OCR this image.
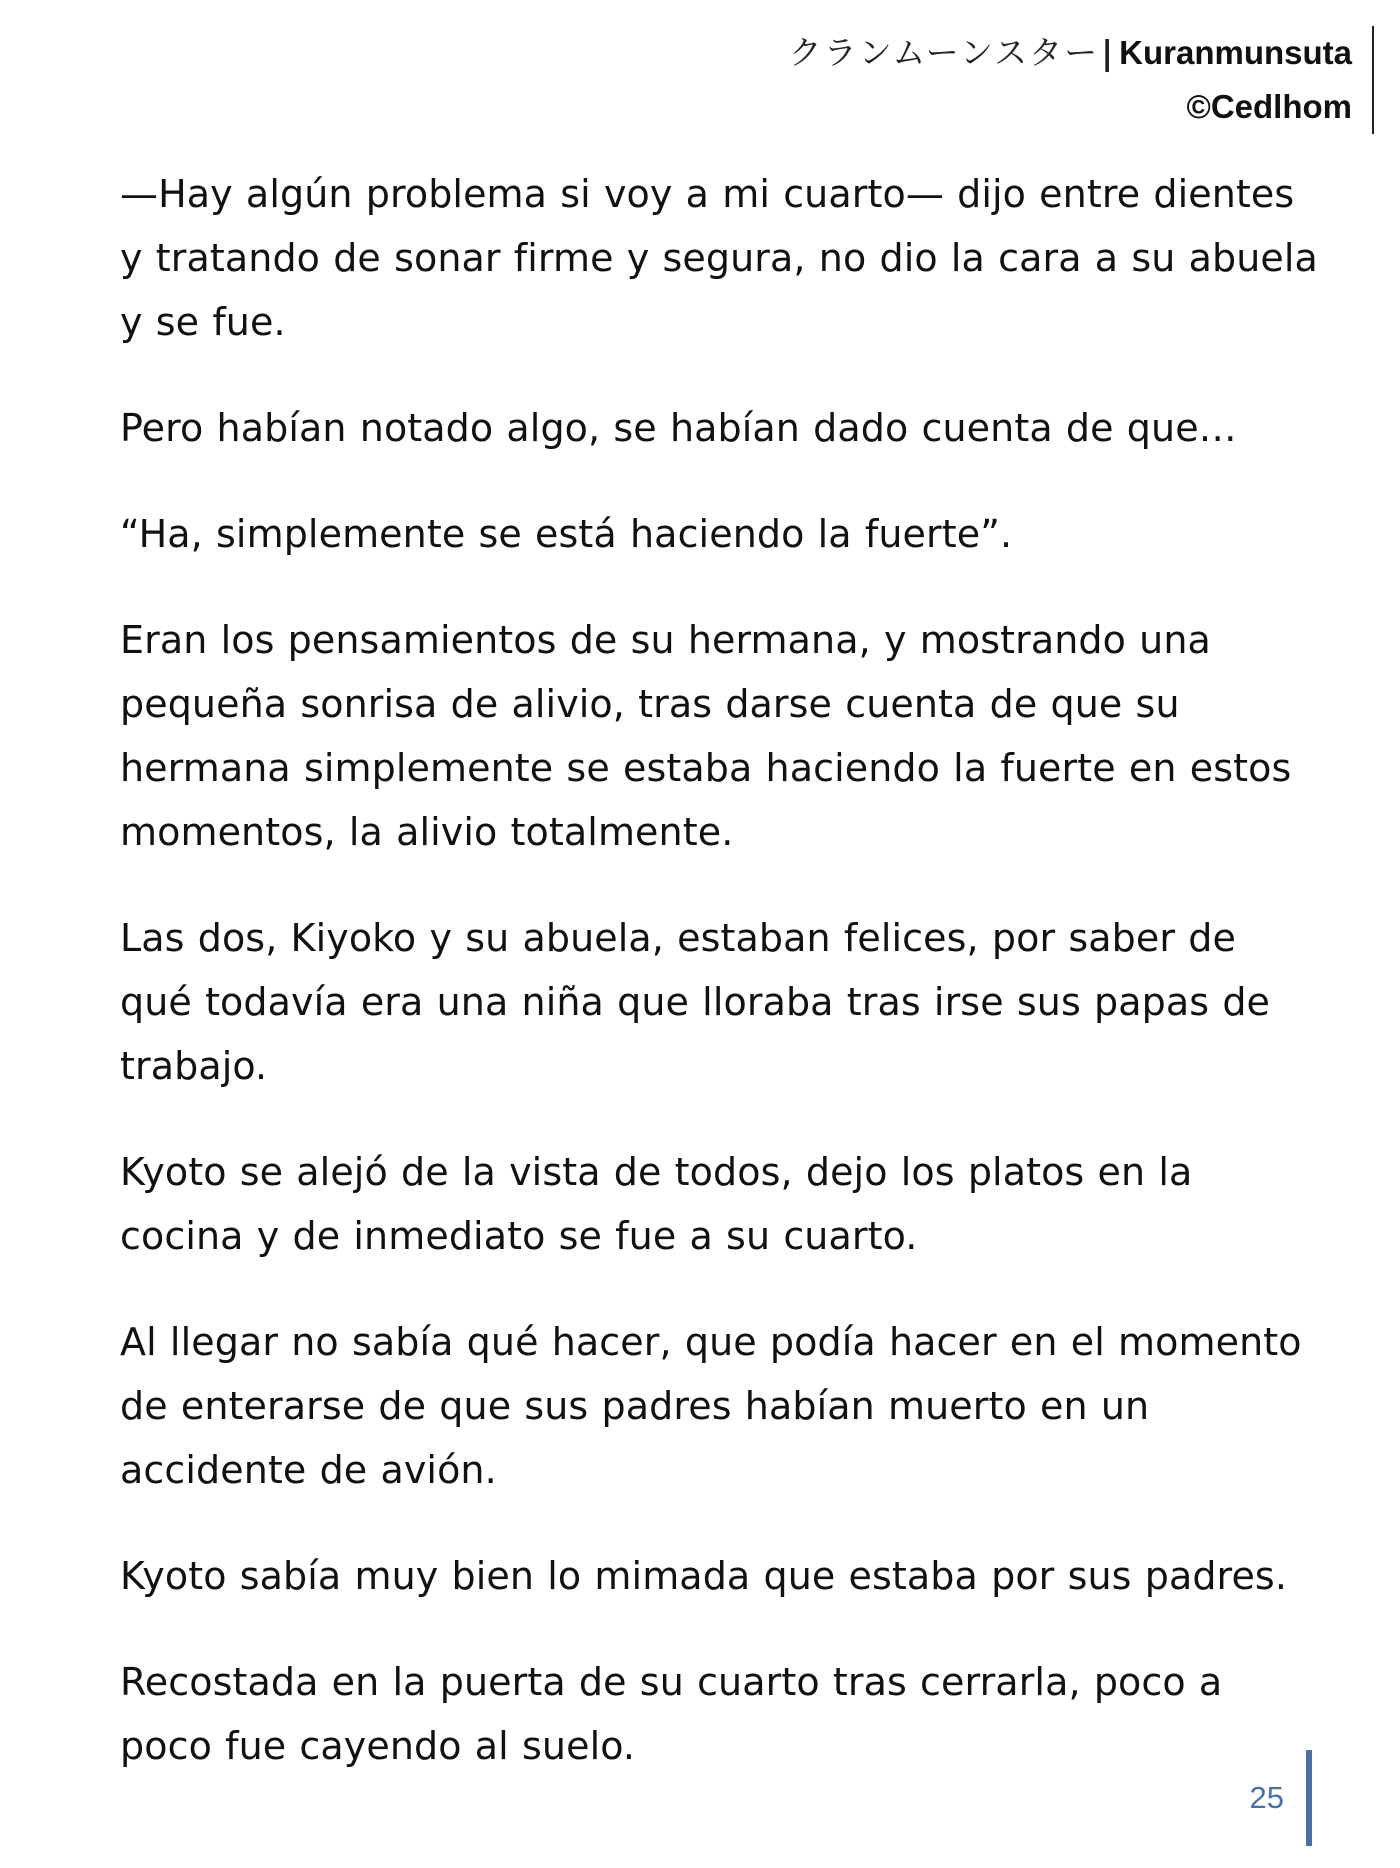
クランムーンスター| Kuranmunsuta
©Cedlhom

—Hay algún problema si voy a mi cuarto— dijo entre dientes y tratando de sonar firme y segura, no dio la cara a su abuela y se fue.

Pero habían notado algo, se habían dado cuenta de que…

“Ha, simplemente se está haciendo la fuerte”.

Eran los pensamientos de su hermana, y mostrando una pequeña sonrisa de alivio, tras darse cuenta de que su hermana simplemente se estaba haciendo la fuerte en estos momentos, la alivio totalmente.

Las dos, Kiyoko y su abuela, estaban felices, por saber de qué todavía era una niña que lloraba tras irse sus papas de trabajo.

Kyoto se alejó de la vista de todos, dejo los platos en la cocina y de inmediato se fue a su cuarto.

Al llegar no sabía qué hacer, que podía hacer en el momento de enterarse de que sus padres habían muerto en un accidente de avión.

Kyoto sabía muy bien lo mimada que estaba por sus padres.

Recostada en la puerta de su cuarto tras cerrarla, poco a poco fue cayendo al suelo.

25
